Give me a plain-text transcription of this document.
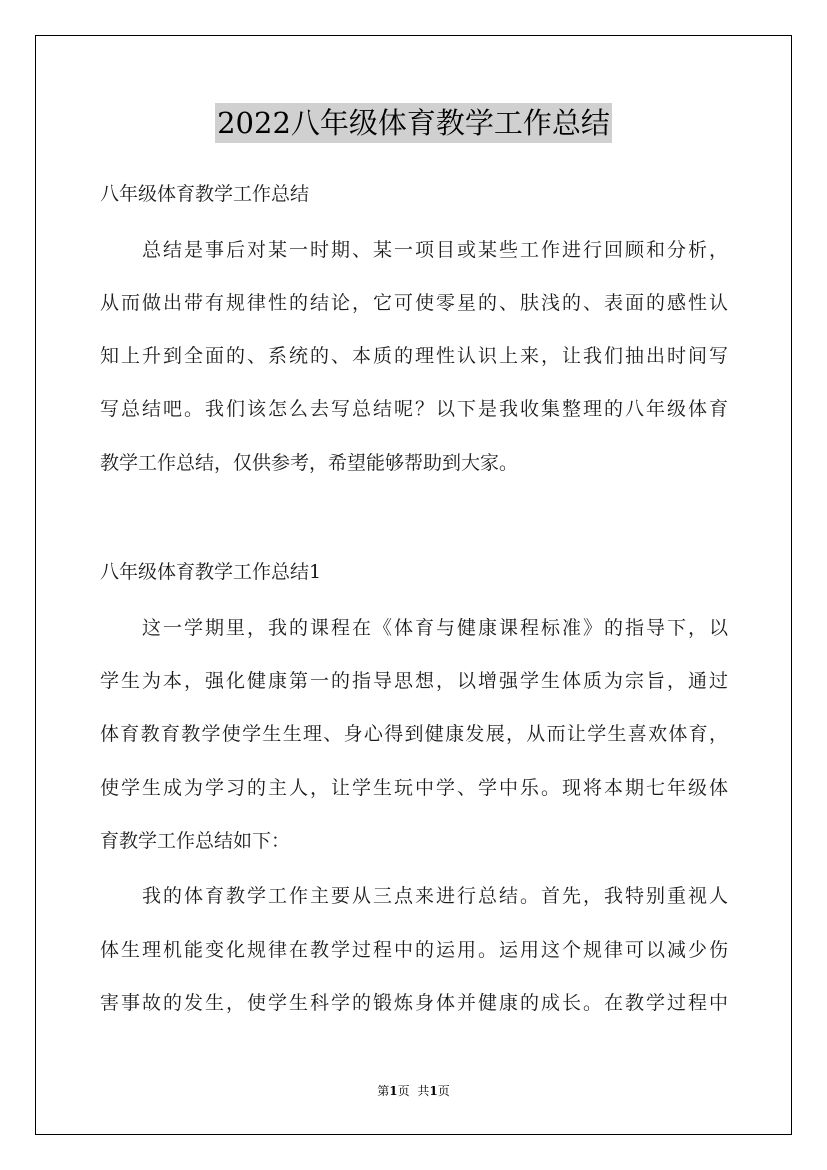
2022八年级体育教学工作总结
八年级体育教学工作总结
　　总结是事后对某一时期、某一项目或某些工作进行回顾和分析，
从而做出带有规律性的结论，它可使零星的、肤浅的、表面的感性认
知上升到全面的、系统的、本质的理性认识上来，让我们抽出时间写
写总结吧。我们该怎么去写总结呢？以下是我收集整理的八年级体育
教学工作总结，仅供参考，希望能够帮助到大家。
八年级体育教学工作总结1
　　这一学期里，我的课程在《体育与健康课程标准》的指导下，以
学生为本，强化健康第一的指导思想，以增强学生体质为宗旨，通过
体育教育教学使学生生理、身心得到健康发展，从而让学生喜欢体育，
使学生成为学习的主人，让学生玩中学、学中乐。现将本期七年级体
育教学工作总结如下：
　　我的体育教学工作主要从三点来进行总结。首先，我特别重视人
体生理机能变化规律在教学过程中的运用。运用这个规律可以减少伤
害事故的发生，使学生科学的锻炼身体并健康的成长。在教学过程中
第1页 共1页
